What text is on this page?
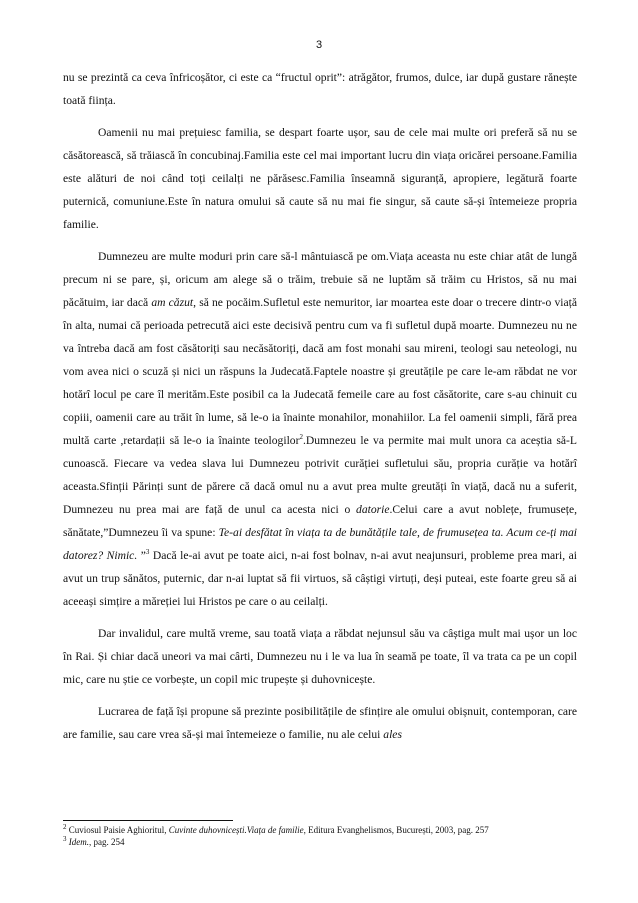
3

nu se prezintă ca ceva înfricoșător, ci este ca “fructul oprit”: atrăgător, frumos, dulce, iar după gustare rănește toată ființa.

Oamenii nu mai prețuiesc familia, se despart foarte ușor, sau de cele mai multe ori preferă să nu se căsătorească, să trăiască în concubinaj.Familia este cel mai important lucru din viața oricărei persoane.Familia este alături de noi când toți ceilalți ne părăsesc.Familia înseamnă siguranță, apropiere, legătură foarte puternică, comuniune.Este în natura omului să caute să nu mai fie singur, să caute să-și întemeieze propria familie.

Dumnezeu are multe moduri prin care să-l mântuiască pe om.Viața aceasta nu este chiar atât de lungă precum ni se pare, și, oricum am alege să o trăim, trebuie să ne luptăm să trăim cu Hristos, să nu mai păcătuim, iar dacă am căzut, să ne pocăim.Sufletul este nemuritor, iar moartea este doar o trecere dintr-o viață în alta, numai că perioada petrecută aici este decisivă pentru cum va fi sufletul după moarte. Dumnezeu nu ne va întreba dacă am fost căsătoriți sau necăsătoriți, dacă am fost monahi sau mireni, teologi sau neteologi, nu vom avea nici o scuză și nici un răspuns la Judecată.Faptele noastre și greutățile pe care le-am răbdat ne vor hotărî locul pe care îl merităm.Este posibil ca la Judecată femeile care au fost căsătorite, care s-au chinuit cu copiii, oamenii care au trăit în lume, să le-o ia înainte monahilor, monahiilor. La fel oamenii simpli, fără prea multă carte ,retardații să le-o ia înainte teologilor$^2$.Dumnezeu le va permite mai mult unora ca aceștia să-L cunoască. Fiecare va vedea slava lui Dumnezeu potrivit curăției sufletului său, propria curăție va hotărî aceasta.Sfinții Părinți sunt de părere că dacă omul nu a avut prea multe greutăți în viață, dacă nu a suferit, Dumnezeu nu prea mai are față de unul ca acesta nici o datorie.Celui care a avut noblețe, frumusețe, sănătate,”Dumnezeu îi va spune: Te-ai desfătat în viața ta de bunătățile tale, de frumusețea ta. Acum ce-ți mai datorez? Nimic. ”$^3$ Dacă le-ai avut pe toate aici, n-ai fost bolnav, n-ai avut neajunsuri, probleme prea mari, ai avut un trup sănătos, puternic, dar n-ai luptat să fii virtuos, să câștigi virtuți, deși puteai, este foarte greu să ai aceeași simțire a măreției lui Hristos pe care o au ceilalți.

Dar invalidul, care multă vreme, sau toată viața a răbdat nejunsul său va câștiga mult mai ușor un loc în Rai. Și chiar dacă uneori va mai cârti, Dumnezeu nu i le va lua în seamă pe toate, îl va trata ca pe un copil mic, care nu știe ce vorbește, un copil mic trupește și duhovnicește.

Lucrarea de față își propune să prezinte posibilitățile de sfințire ale omului obișnuit, contemporan, care are familie, sau care vrea să-și mai întemeieze o familie, nu ale celui ales

$^2$ Cuviosul Paisie Aghioritul, Cuvinte duhovnicești.Viața de familie, Editura Evanghelismos, București, 2003, pag. 257
$^3$ Idem., pag. 254
